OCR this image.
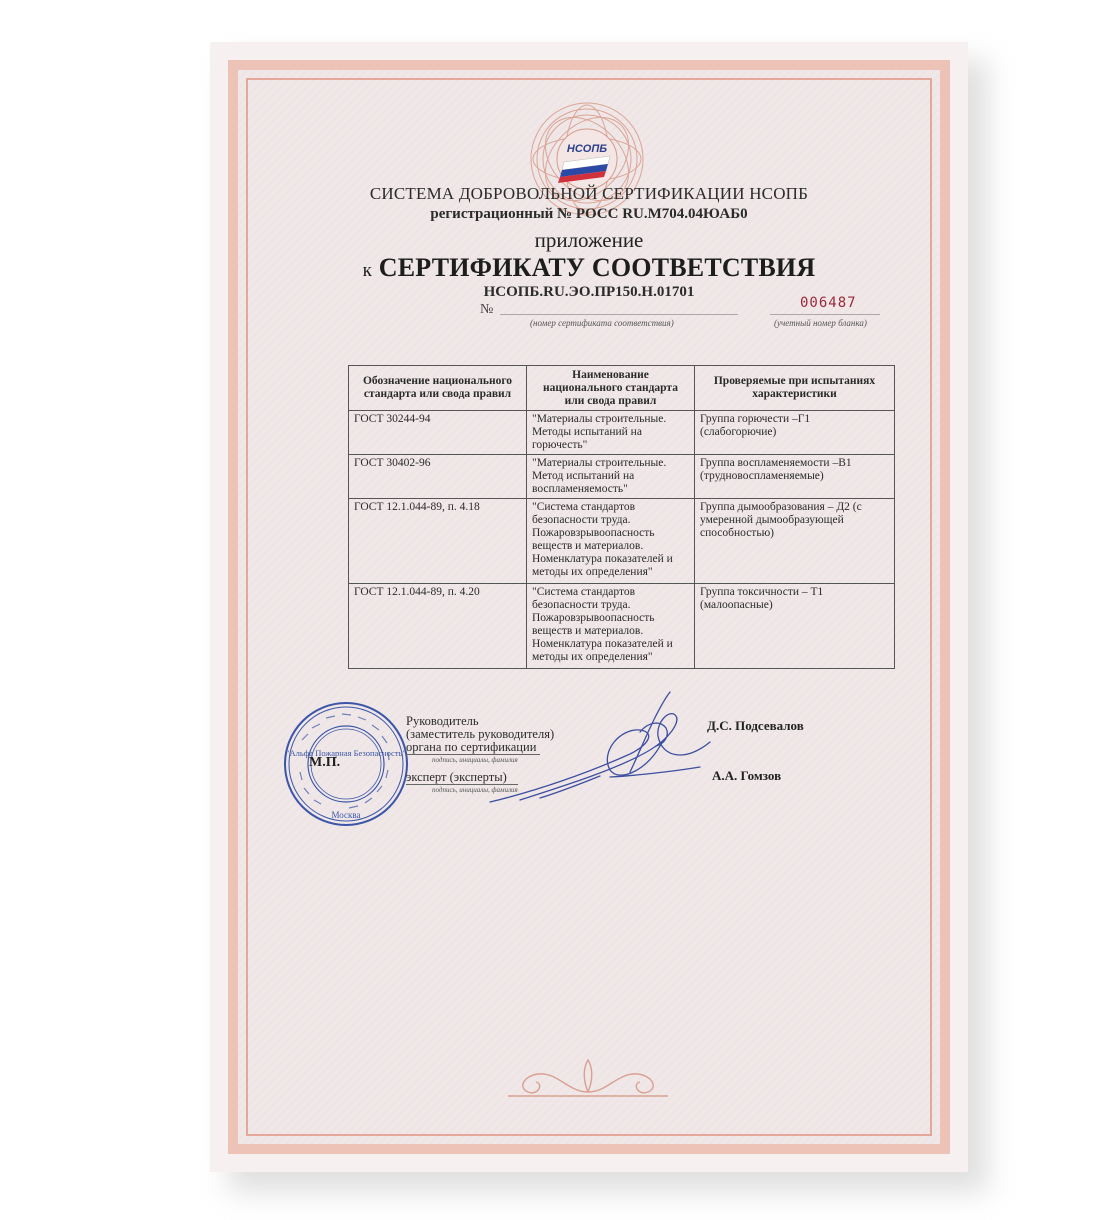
НСОПБ
СИСТЕМА ДОБРОВОЛЬНОЙ СЕРТИФИКАЦИИ НСОПБ
регистрационный № РОСС RU.М704.04ЮАБ0
приложение
к СЕРТИФИКАТУ СООТВЕТСТВИЯ
НСОПБ.RU.ЭО.ПР150.Н.01701
№
(номер сертификата соответствия)
006487
(учетный номер бланка)
Обозначение национального стандарта или свода правил	Наименование национального стандарта или свода правил	Проверяемые при испытаниях характеристики
ГОСТ 30244-94	"Материалы строительные. Методы испытаний на горючесть"	Группа горючести –Г1 (слабогорючие)
ГОСТ 30402-96	"Материалы строительные. Метод испытаний на воспламеняемость"	Группа воспламеняемости –В1 (трудновоспламеняемые)
ГОСТ 12.1.044-89, п. 4.18	"Система стандартов безопасности труда. Пожаровзрывоопасность веществ и материалов. Номенклатура показателей и методы их определения"	Группа дымообразования – Д2 (с умеренной дымообразующей способностью)
ГОСТ 12.1.044-89, п. 4.20	"Система стандартов безопасности труда. Пожаровзрывоопасность веществ и материалов. Номенклатура показателей и методы их определения"	Группа токсичности – Т1 (малоопасные)
Москва
"Альфа Пожарная Безопасность"
М.П.
Руководитель
(заместитель руководителя)
органа по сертификации
подпись, инициалы, фамилия
эксперт (эксперты)
подпись, инициалы, фамилия
Д.С. Подсевалов
А.А. Гомзов
